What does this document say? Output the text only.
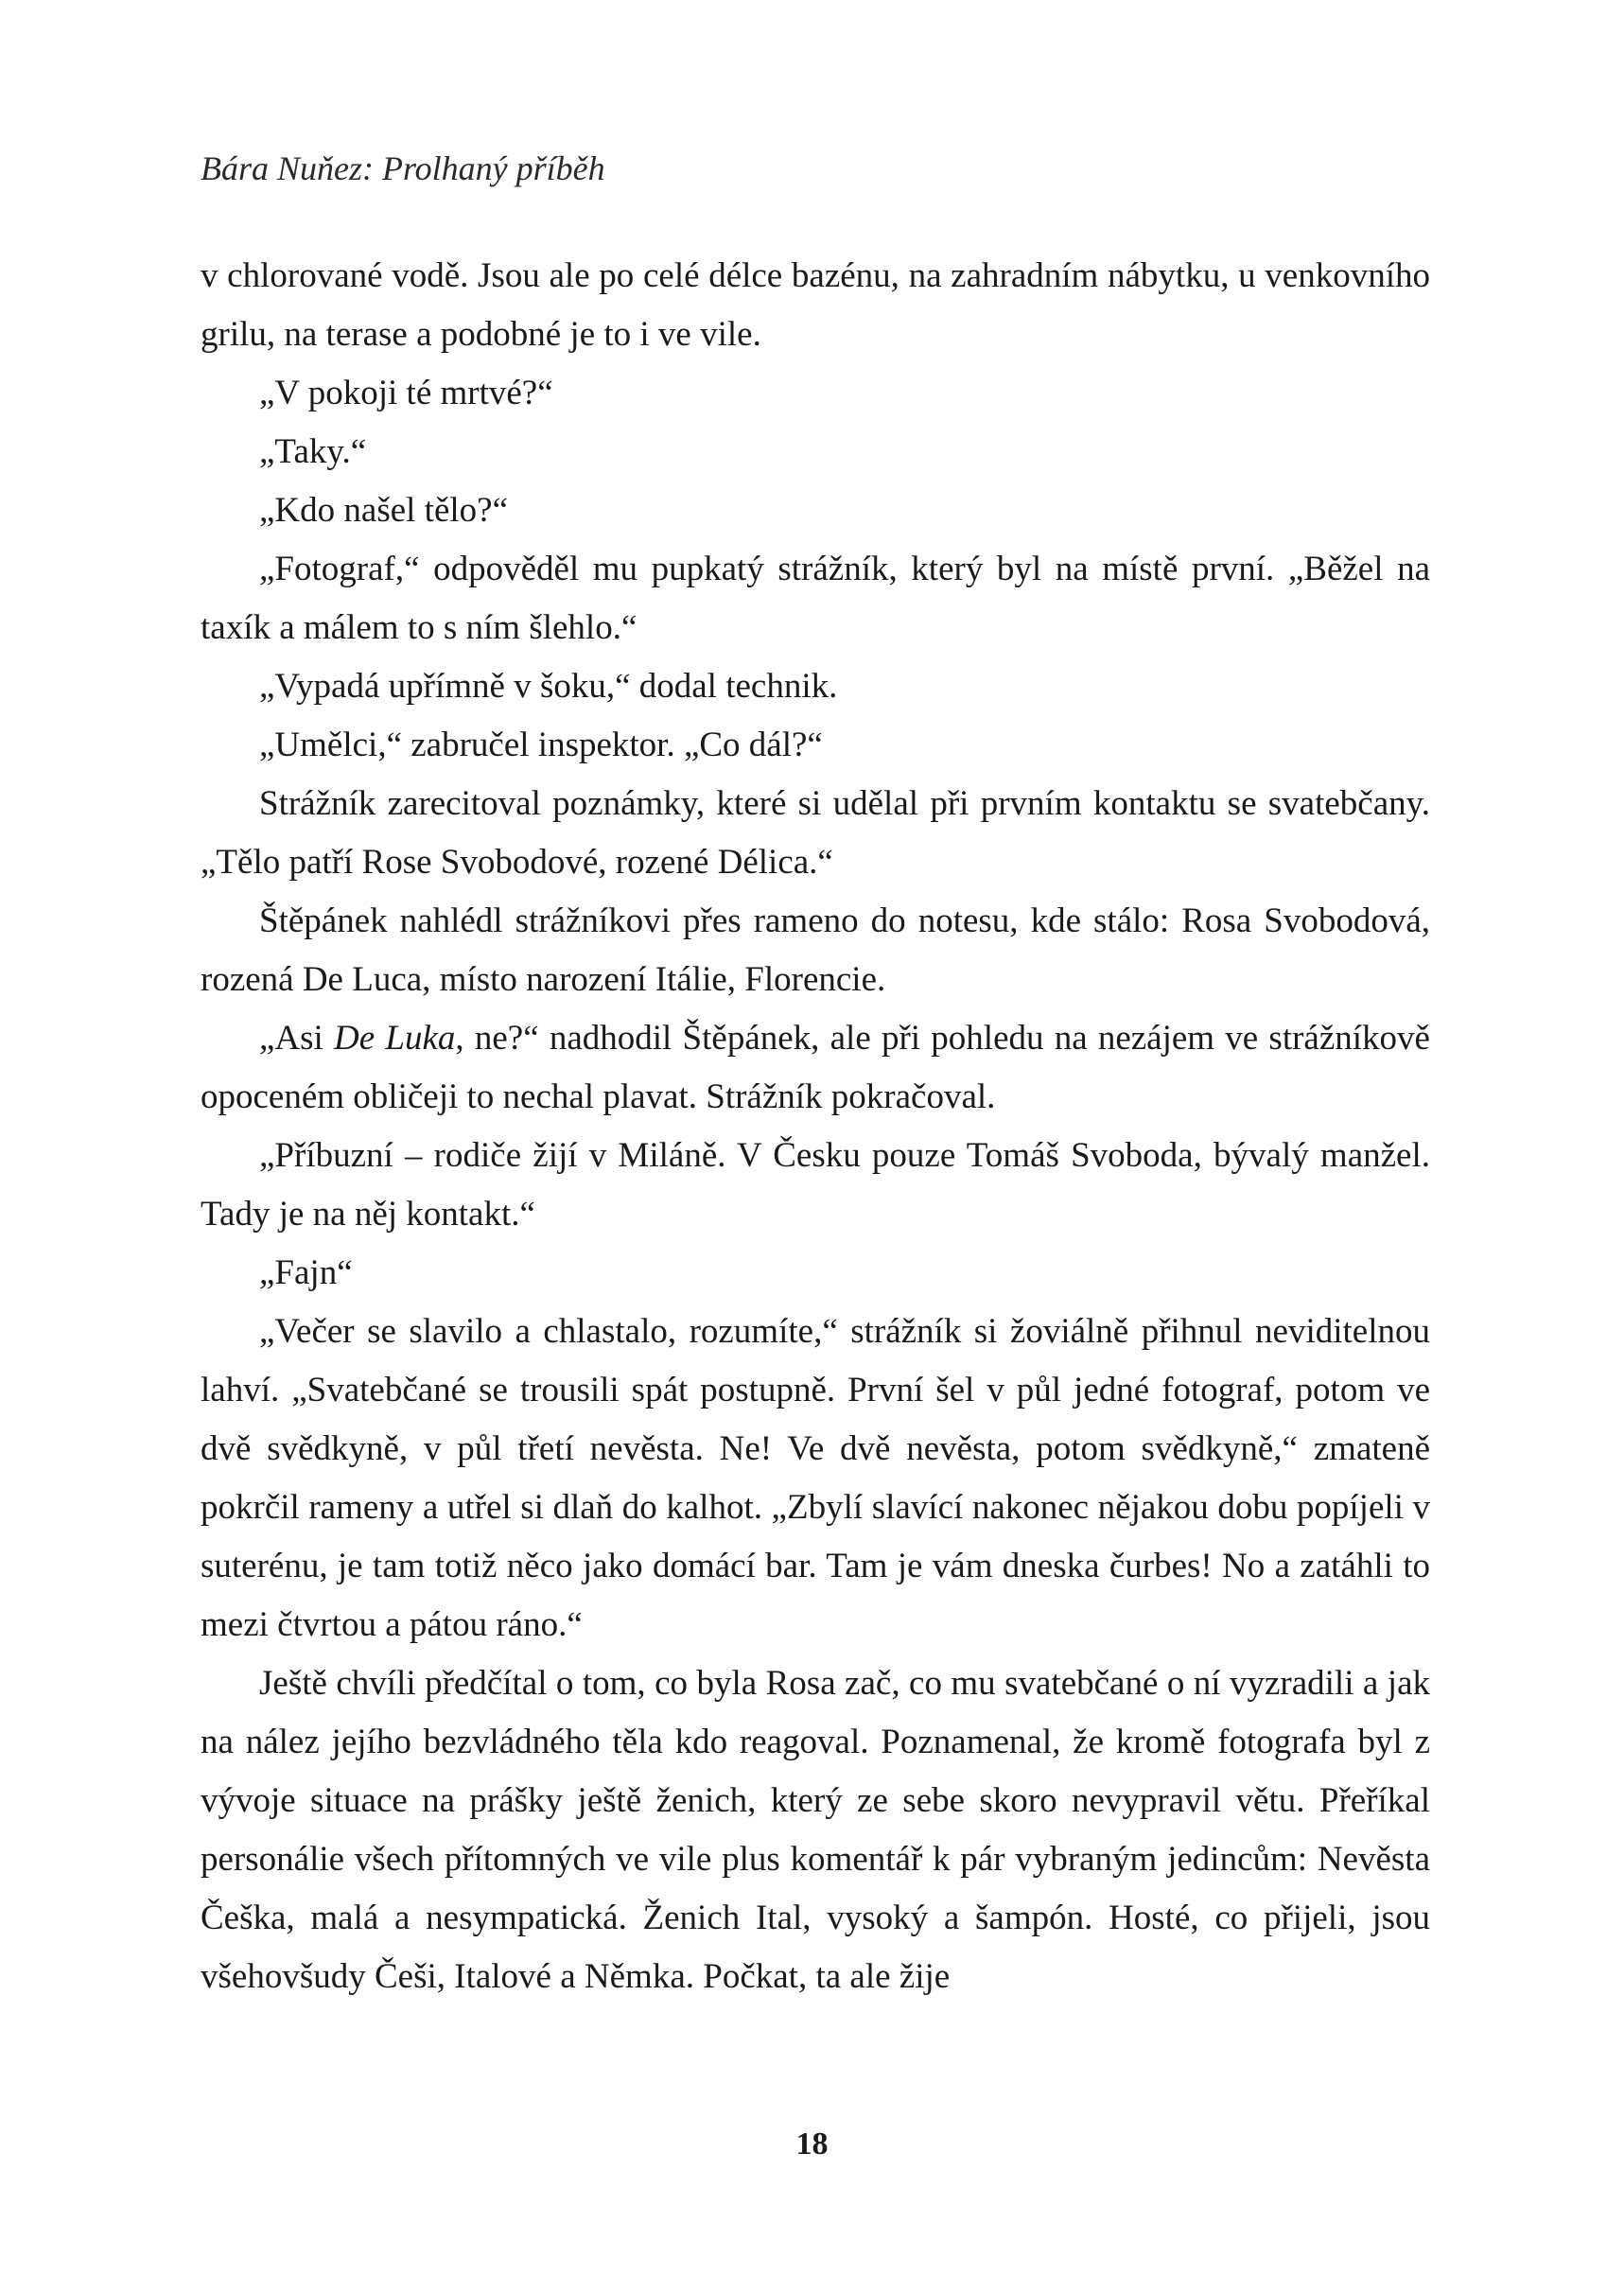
Bára Nuňez: Prolhaný příběh

v chlorované vodě. Jsou ale po celé délce bazénu, na zahradním nábytku, u venkovního grilu, na terase a podobné je to i ve vile.

„V pokoji té mrtvé?“

„Taky.“

„Kdo našel tělo?“

„Fotograf,“ odpověděl mu pupkatý strážník, který byl na místě první. „Běžel na taxík a málem to s ním šlehlo.“

„Vypadá upřímně v šoku,“ dodal technik.

„Umělci,“ zabručel inspektor. „Co dál?“

Strážník zarecitoval poznámky, které si udělal při prvním kontaktu se svatebčany. „Tělo patří Rose Svobodové, rozené Délica.“

Štěpánek nahlédl strážníkovi přes rameno do notesu, kde stálo: Rosa Svobodová, rozená De Luca, místo narození Itálie, Florencie.

„Asi De Luka, ne?“ nadhodil Štěpánek, ale při pohledu na nezájem ve strážníkově opoceném obličeji to nechal plavat. Strážník pokračoval.

„Příbuzní – rodiče žijí v Miláně. V Česku pouze Tomáš Svoboda, bývalý manžel. Tady je na něj kontakt.“

„Fajn“

„Večer se slavilo a chlastalo, rozumíte,“ strážník si žoviálně přihnul neviditelnou lahví. „Svatebčané se trousili spát postupně. První šel v půl jedné fotograf, potom ve dvě svědkyně, v půl třetí nevěsta. Ne! Ve dvě nevěsta, potom svědkyně,“ zmateně pokrčil rameny a utřel si dlaň do kalhot. „Zbylí slavící nakonec nějakou dobu popíjeli v suterénu, je tam totiž něco jako domácí bar. Tam je vám dneska čurbes! No a zatáhli to mezi čtvrtou a pátou ráno.“

Ještě chvíli předčítal o tom, co byla Rosa zač, co mu svatebčané o ní vyzradili a jak na nález jejího bezvládného těla kdo reagoval. Poznamenal, že kromě fotografa byl z vývoje situace na prášky ještě ženich, který ze sebe skoro nevypravil větu. Přeříkal personálie všech přítomných ve vile plus komentář k pár vybraným jedincům: Nevěsta Češka, malá a nesympatická. Ženich Ital, vysoký a šampón. Hosté, co přijeli, jsou všehovšudy Češi, Italové a Němka. Počkat, ta ale žije

18
